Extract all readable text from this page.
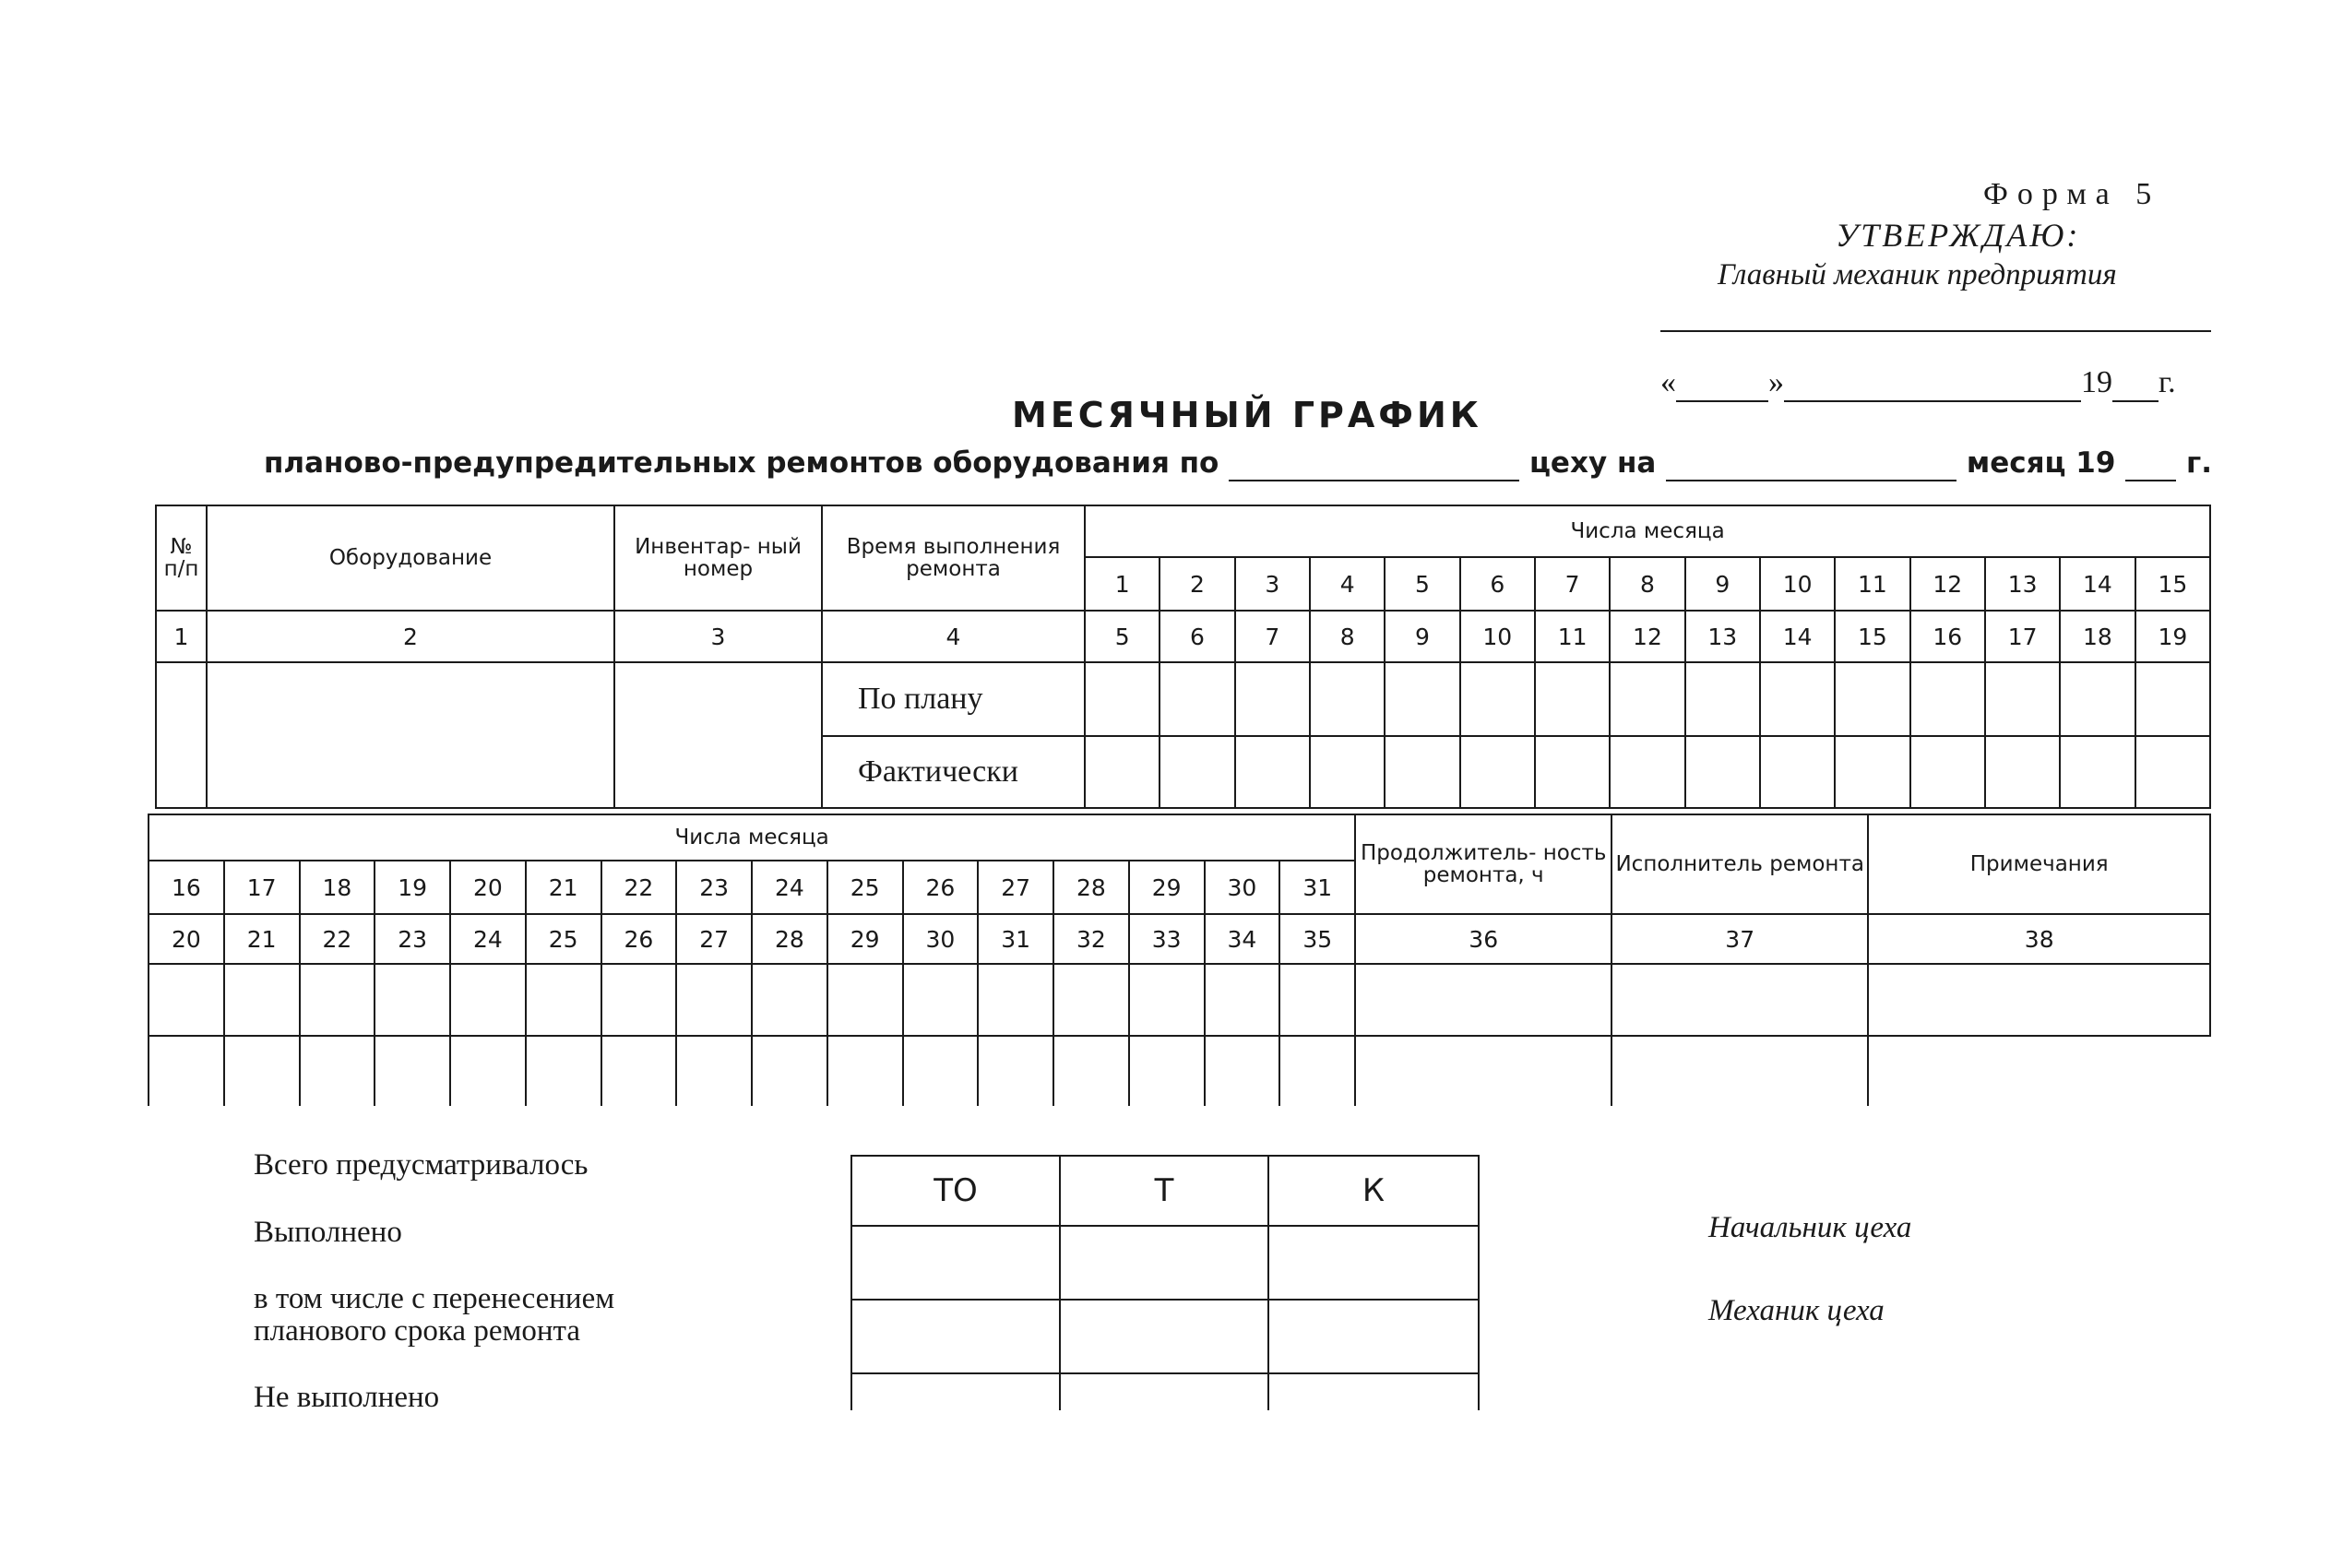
Форма 5
УТВЕРЖДАЮ:
Главный механик предприятия
«	»	19 г.
МЕСЯЧНЫЙ ГРАФИК
планово-предупредительных ремонтов оборудования по	цеху на	месяц 19 г.
№ п/п	Оборудование	Инвентар- ный номер	Время выполнения ремонта	Числа месяца														
				1	2	3	4	5	6	7	8	9	10	11	12	13	14	15
1	2	3	4	5	6	7	8	9	10	11	12	13	14	15	16	17	18	19
			По плану															
			Фактически															
Числа месяца																Продолжитель- ность ремонта, ч	Исполнитель ремонта	Примечания
16	17	18	19	20	21	22	23	24	25	26	27	28	29	30	31			
20	21	22	23	24	25	26	27	28	29	30	31	32	33	34	35	36	37	38

Всего предусматривалось
Выполнено
в том числе с перенесением
планового срока ремонта
Не выполнено
ТО	Т	К

Начальник цеха
Механик цеха
